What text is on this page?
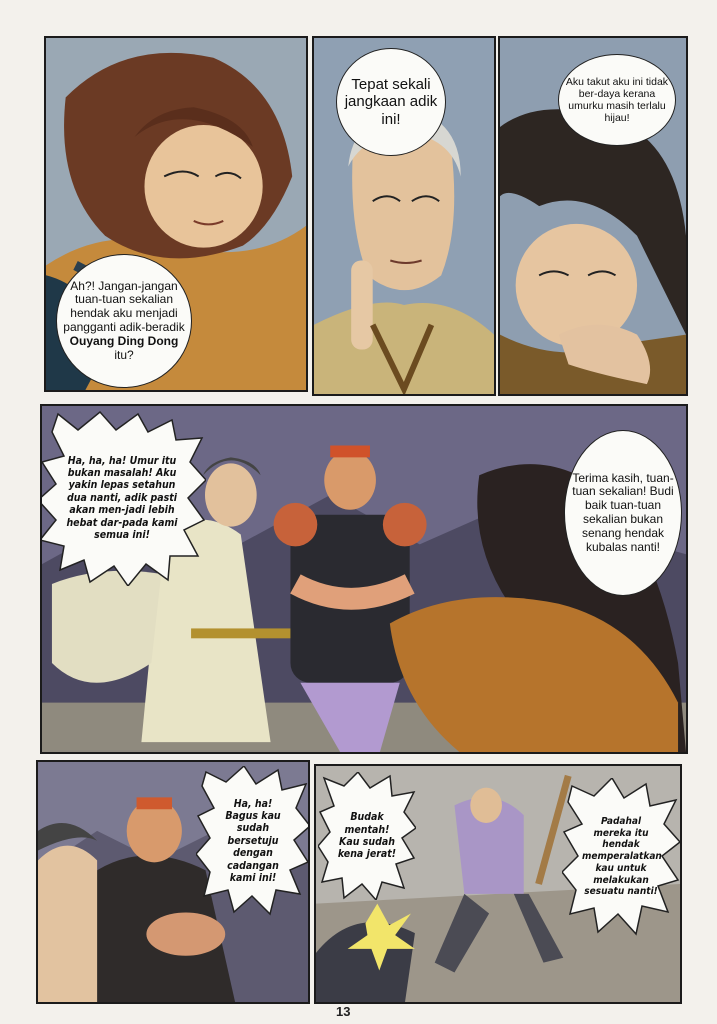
Ah?! Jangan-jangan tuan-tuan sekalian hendak aku menjadi pangganti adik-beradik
Ouyang Ding Dong
itu?
Tepat sekali jangkaan adik ini!
Aku takut aku ini tidak ber-daya kerana umurku masih terlalu hijau!
Ha, ha, ha! Umur itu bukan masalah! Aku yakin lepas setahun dua nanti, adik pasti akan men-jadi lebih hebat dar-pada kami semua ini!
Terima kasih, tuan-tuan sekalian! Budi baik tuan-tuan sekalian bukan senang hendak kubalas nanti!
Ha, ha! Bagus kau sudah bersetuju dengan cadangan kami ini!
Budak mentah! Kau sudah kena jerat!
Padahal mereka itu hendak memperalatkan kau untuk melakukan sesuatu nanti!
13
